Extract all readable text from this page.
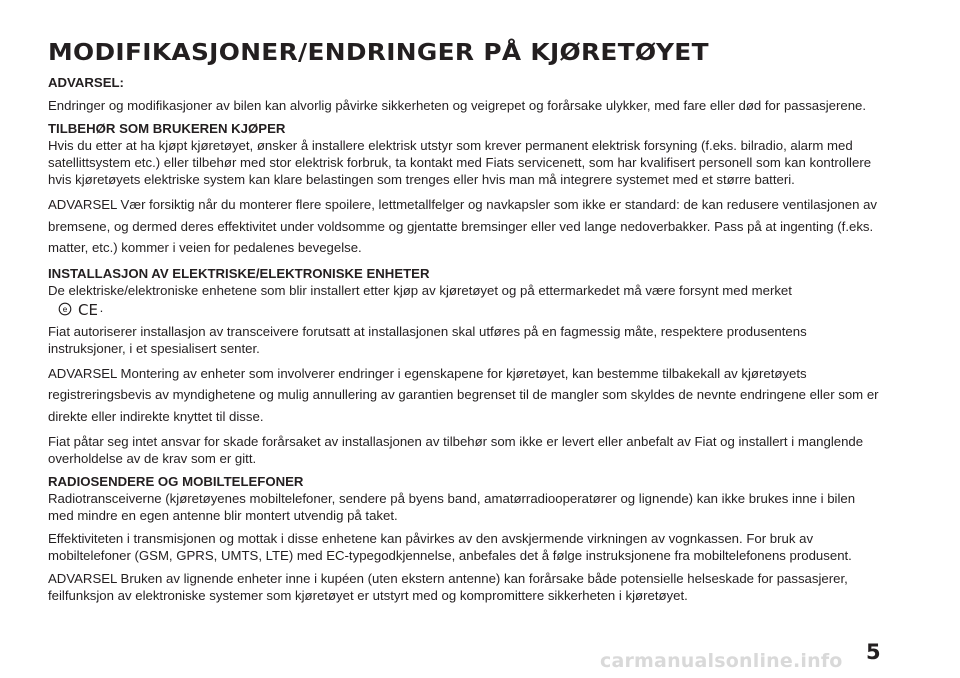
MODIFIKASJONER/ENDRINGER PÅ KJØRETØYET

ADVARSEL:

Endringer og modifikasjoner av bilen kan alvorlig påvirke sikkerheten og veigrepet og forårsake ulykker, med fare eller død for passasjerene.

TILBEHØR SOM BRUKEREN KJØPER

Hvis du etter at ha kjøpt kjøretøyet, ønsker å installere elektrisk utstyr som krever permanent elektrisk forsyning (f.eks. bilradio, alarm med satellittsystem etc.) eller tilbehør med stor elektrisk forbruk, ta kontakt med Fiats servicenett, som har kvalifisert personell som kan kontrollere hvis kjøretøyets elektriske system kan klare belastingen som trenges eller hvis man må integrere systemet med et større batteri.

ADVARSEL Vær forsiktig når du monterer flere spoilere, lettmetallfelger og navkapsler som ikke er standard: de kan redusere ventilasjonen av bremsene, og dermed deres effektivitet under voldsomme og gjentatte bremsinger eller ved lange nedoverbakker. Pass på at ingenting (f.eks. matter, etc.) kommer i veien for pedalenes bevegelse.

INSTALLASJON AV ELEKTRISKE/ELEKTRONISKE ENHETER

De elektriske/elektroniske enhetene som blir installert etter kjøp av kjøretøyet og på ettermarkedet må være forsynt med merket

e
CE .

Fiat autoriserer installasjon av transceivere forutsatt at installasjonen skal utføres på en fagmessig måte, respektere produsentens instruksjoner, i et spesialisert senter.

ADVARSEL Montering av enheter som involverer endringer i egenskapene for kjøretøyet, kan bestemme tilbakekall av kjøretøyets registreringsbevis av myndighetene og mulig annullering av garantien begrenset til de mangler som skyldes de nevnte endringene eller som er direkte eller indirekte knyttet til disse.

Fiat påtar seg intet ansvar for skade forårsaket av installasjonen av tilbehør som ikke er levert eller anbefalt av Fiat og installert i manglende overholdelse av de krav som er gitt.

RADIOSENDERE OG MOBILTELEFONER

Radiotransceiverne (kjøretøyenes mobiltelefoner, sendere på byens band, amatørradiooperatører og lignende) kan ikke brukes inne i bilen med mindre en egen antenne blir montert utvendig på taket.

Effektiviteten i transmisjonen og mottak i disse enhetene kan påvirkes av den avskjermende virkningen av vognkassen. For bruk av mobiltelefoner (GSM, GPRS, UMTS, LTE) med EC-typegodkjennelse, anbefales det å følge instruksjonene fra mobiltelefonens produsent.

ADVARSEL Bruken av lignende enheter inne i kupéen (uten ekstern antenne) kan forårsake både potensielle helseskade for passasjerer, feilfunksjon av elektroniske systemer som kjøretøyet er utstyrt med og kompromittere sikkerheten i kjøretøyet.

carmanualsonline.info 5
